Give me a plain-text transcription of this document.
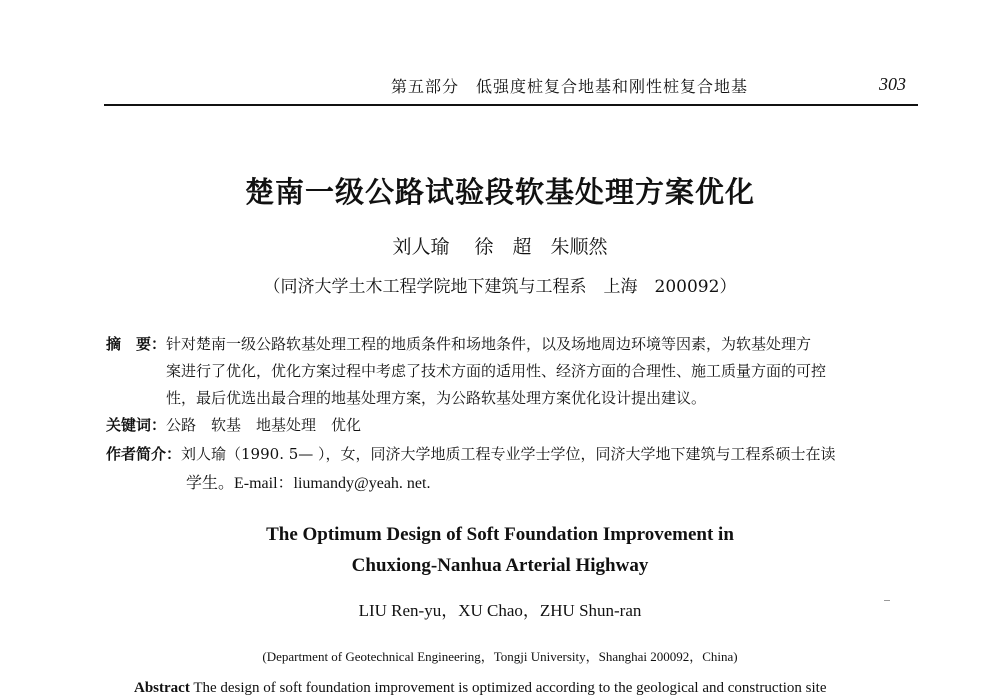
第五部分　低强度桩复合地基和刚性桩复合地基	303
楚南一级公路试验段软基处理方案优化
刘人瑜　 徐　超　朱顺然
（同济大学土木工程学院地下建筑与工程系　上海　200092）
摘　要：针对楚南一级公路软基处理工程的地质条件和场地条件，以及场地周边环境等因素，为软基处理方
案进行了优化，优化方案过程中考虑了技术方面的适用性、经济方面的合理性、施工质量方面的可控
性，最后优选出最合理的地基处理方案，为公路软基处理方案优化设计提出建议。
关键词：公路　软基　地基处理　优化
作者简介：刘人瑜（1990. 5— ），女，同济大学地质工程专业学士学位，同济大学地下建筑与工程系硕士在读
学生。E-mail：liumandy@yeah. net.
The Optimum Design of Soft Foundation Improvement in
Chuxiong-Nanhua Arterial Highway
LIU Ren-yu，XU Chao，ZHU Shun-ran
(Department of Geotechnical Engineering，Tongji University，Shanghai 200092，China)
Abstract The design of soft foundation improvement is optimized according to the geological and construction site
